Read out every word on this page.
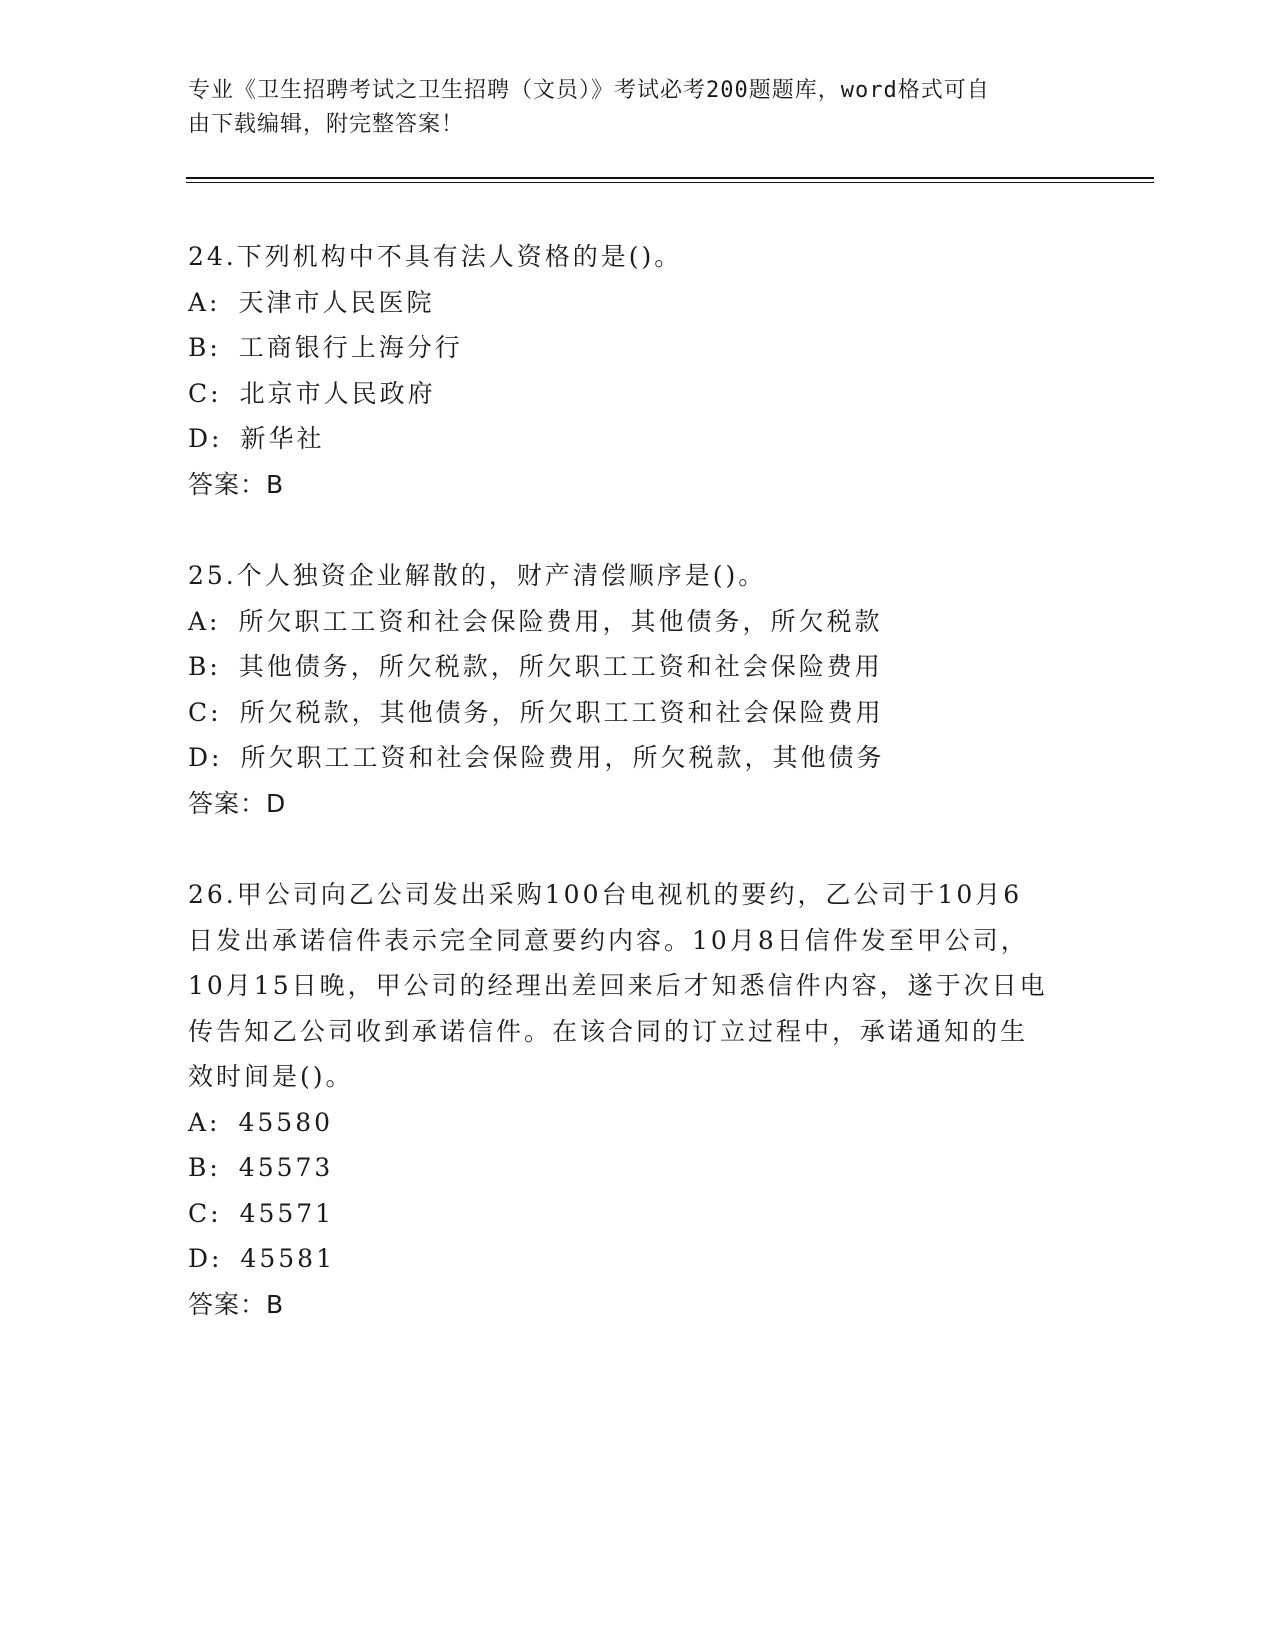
专业《卫生招聘考试之卫生招聘（文员）》考试必考200题题库，word格式可自
由下载编辑，附完整答案！

24.下列机构中不具有法人资格的是()。

A: 天津市人民医院

B: 工商银行上海分行

C: 北京市人民政府

D: 新华社

答案：B

25.个人独资企业解散的，财产清偿顺序是()。

A: 所欠职工工资和社会保险费用，其他债务，所欠税款

B: 其他债务，所欠税款，所欠职工工资和社会保险费用

C: 所欠税款，其他债务，所欠职工工资和社会保险费用

D: 所欠职工工资和社会保险费用，所欠税款，其他债务

答案：D

26.甲公司向乙公司发出采购100台电视机的要约，乙公司于10月6

日发出承诺信件表示完全同意要约内容。10月8日信件发至甲公司，

10月15日晚，甲公司的经理出差回来后才知悉信件内容，遂于次日电

传告知乙公司收到承诺信件。在该合同的订立过程中，承诺通知的生

效时间是()。

A: 45580

B: 45573

C: 45571

D: 45581

答案：B
